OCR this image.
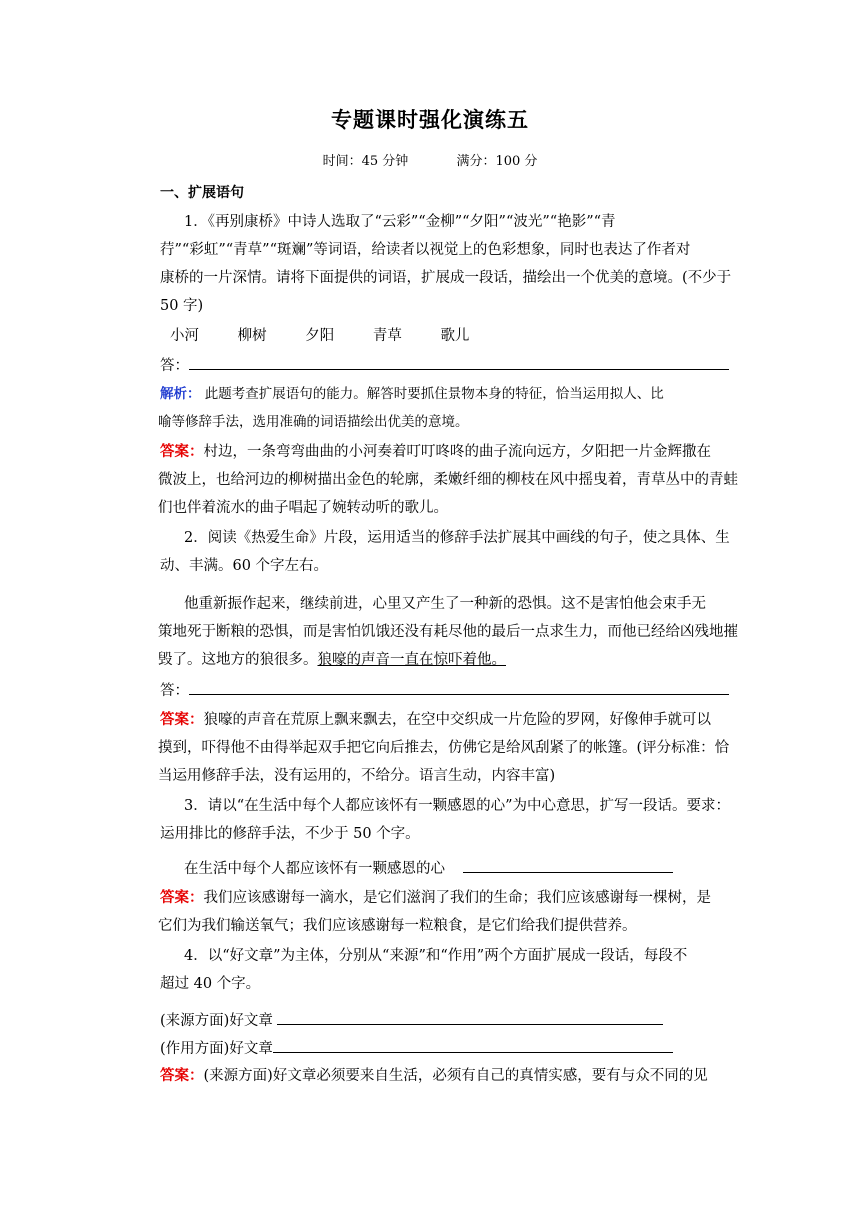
专题课时强化演练五
时间：45 分钟	满分：100 分
一、扩展语句
1．《再别康桥》中诗人选取了“云彩”“金柳”“夕阳”“波光”“艳影”“青
荇”“彩虹”“青草”“斑斓”等词语，给读者以视觉上的色彩想象，同时也表达了作者对
康桥的一片深情。请将下面提供的词语，扩展成一段话，描绘出一个优美的意境。(不少于
50 字)
小河	柳树	夕阳	青草	歌儿
答：
解析： 此题考查扩展语句的能力。解答时要抓住景物本身的特征，恰当运用拟人、比
喻等修辞手法，选用准确的词语描绘出优美的意境。
答案：村边，一条弯弯曲曲的小河奏着叮叮咚咚的曲子流向远方，夕阳把一片金辉撒在
微波上，也给河边的柳树描出金色的轮廓，柔嫩纤细的柳枝在风中摇曳着，青草丛中的青蛙
们也伴着流水的曲子唱起了婉转动听的歌儿。
2．阅读《热爱生命》片段，运用适当的修辞手法扩展其中画线的句子，使之具体、生
动、丰满。60 个字左右。
他重新振作起来，继续前进，心里又产生了一种新的恐惧。这不是害怕他会束手无
策地死于断粮的恐惧，而是害怕饥饿还没有耗尽他的最后一点求生力，而他已经给凶残地摧
毁了。这地方的狼很多。狼嚎的声音一直在惊吓着他。
答：
答案：狼嚎的声音在荒原上飘来飘去，在空中交织成一片危险的罗网，好像伸手就可以
摸到，吓得他不由得举起双手把它向后推去，仿佛它是给风刮紧了的帐篷。(评分标准：恰
当运用修辞手法，没有运用的，不给分。语言生动，内容丰富)
3．请以“在生活中每个人都应该怀有一颗感恩的心”为中心意思，扩写一段话。要求：
运用排比的修辞手法，不少于 50 个字。
在生活中每个人都应该怀有一颗感恩的心
答案：我们应该感谢每一滴水，是它们滋润了我们的生命；我们应该感谢每一棵树，是
它们为我们输送氧气；我们应该感谢每一粒粮食，是它们给我们提供营养。
4．以“好文章”为主体，分别从“来源”和“作用”两个方面扩展成一段话，每段不
超过 40 个字。
(来源方面)好文章
(作用方面)好文章
答案：(来源方面)好文章必须要来自生活，必须有自己的真情实感，要有与众不同的见
